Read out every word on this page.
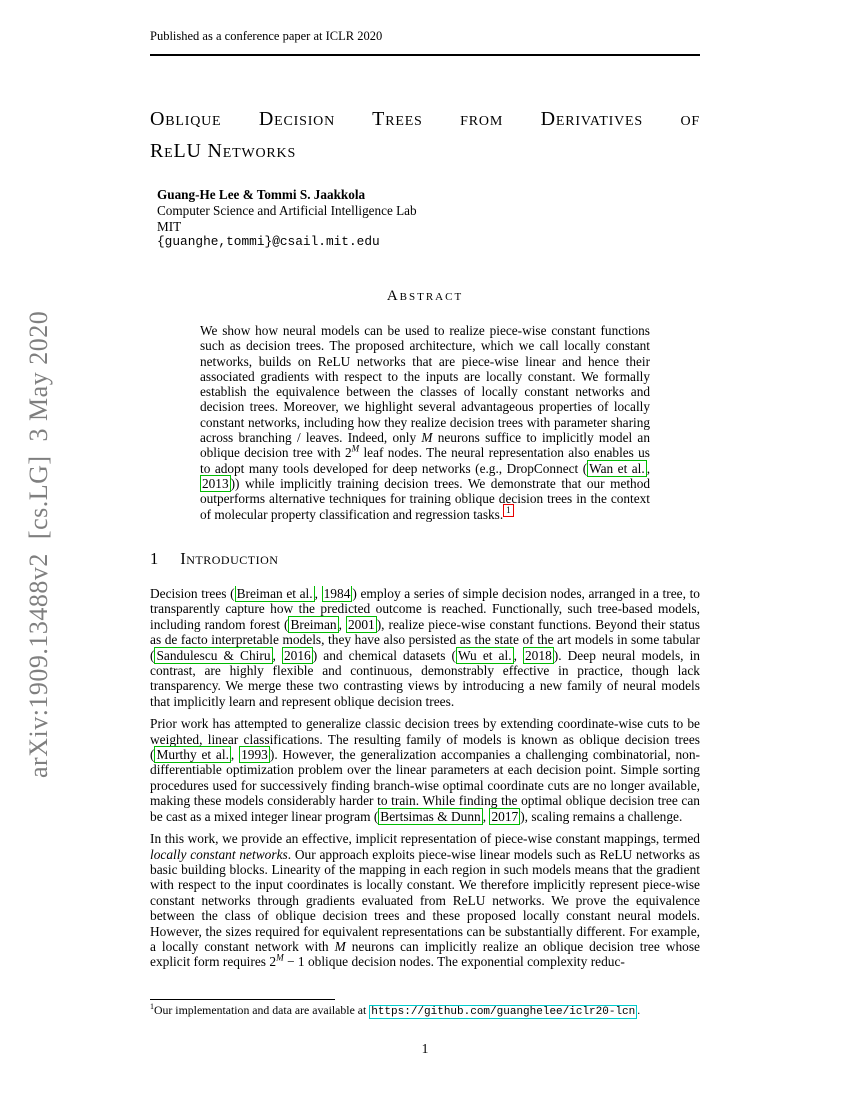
arXiv:1909.13488v2  [cs.LG]  3 May 2020
Published as a conference paper at ICLR 2020
Oblique Decision Trees from Derivatives of
ReLU Networks
Guang-He Lee & Tommi S. Jaakkola
Computer Science and Artificial Intelligence Lab
MIT
{guanghe,tommi}@csail.mit.edu
Abstract
We show how neural models can be used to realize piece-wise constant functions such as decision trees. The proposed architecture, which we call locally constant networks, builds on ReLU networks that are piece-wise linear and hence their associated gradients with respect to the inputs are locally constant. We formally establish the equivalence between the classes of locally constant networks and decision trees. Moreover, we highlight several advantageous properties of locally constant networks, including how they realize decision trees with parameter sharing across branching / leaves. Indeed, only M neurons suffice to implicitly model an oblique decision tree with $2^M$ leaf nodes. The neural representation also enables us to adopt many tools developed for deep networks (e.g., DropConnect ( Wan et al. , 2013 )) while implicitly training decision trees. We demonstrate that our method outperforms alternative techniques for training oblique decision trees in the context of molecular property classification and regression tasks. $^1$
1 Introduction

Decision trees ( Breiman et al. , 1984 ) employ a series of simple decision nodes, arranged in a tree, to transparently capture how the predicted outcome is reached. Functionally, such tree-based models, including random forest ( Breiman , 2001 ), realize piece-wise constant functions. Beyond their status as de facto interpretable models, they have also persisted as the state of the art models in some tabular ( Sandulescu & Chiru , 2016 ) and chemical datasets ( Wu et al. , 2018 ). Deep neural models, in contrast, are highly flexible and continuous, demonstrably effective in practice, though lack transparency. We merge these two contrasting views by introducing a new family of neural models that implicitly learn and represent oblique decision trees.

Prior work has attempted to generalize classic decision trees by extending coordinate-wise cuts to be weighted, linear classifications. The resulting family of models is known as oblique decision trees ( Murthy et al. , 1993 ). However, the generalization accompanies a challenging combinatorial, non-differentiable optimization problem over the linear parameters at each decision point. Simple sorting procedures used for successively finding branch-wise optimal coordinate cuts are no longer available, making these models considerably harder to train. While finding the optimal oblique decision tree can be cast as a mixed integer linear program ( Bertsimas & Dunn , 2017 ), scaling remains a challenge.

In this work, we provide an effective, implicit representation of piece-wise constant mappings, termed locally constant networks. Our approach exploits piece-wise linear models such as ReLU networks as basic building blocks. Linearity of the mapping in each region in such models means that the gradient with respect to the input coordinates is locally constant. We therefore implicitly represent piece-wise constant networks through gradients evaluated from ReLU networks. We prove the equivalence between the class of oblique decision trees and these proposed locally constant neural models. However, the sizes required for equivalent representations can be substantially different. For example, a locally constant network with M neurons can implicitly realize an oblique decision tree whose explicit form requires $2^M - 1$ oblique decision nodes. The exponential complexity reduc-

$^1$Our implementation and data are available at https://github.com/guanghelee/iclr20-lcn .
1
